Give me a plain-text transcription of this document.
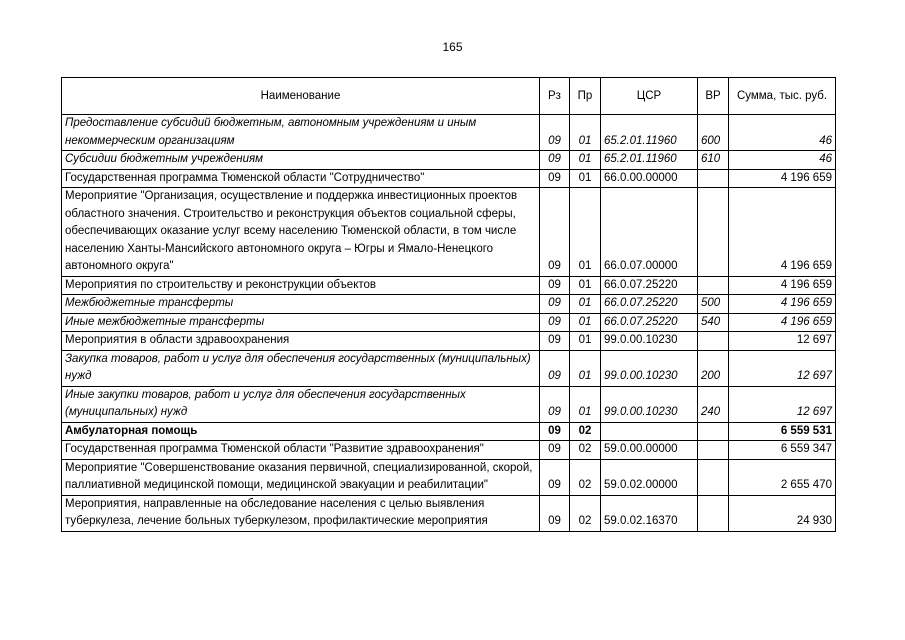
165
Наименование	Рз	Пр	ЦСР	ВР	Сумма, тыс. руб.
Предоставление субсидий бюджетным, автономным учреждениям и иным некоммерческим организациям	09	01	65.2.01.11960	600	46
Субсидии бюджетным учреждениям	09	01	65.2.01.11960	610	46
Государственная программа Тюменской области "Сотрудничество"	09	01	66.0.00.00000		4 196 659
Мероприятие "Организация, осуществление и поддержка инвестиционных проектов областного значения. Строительство и реконструкция объектов социальной сферы, обеспечивающих оказание услуг всему населению Тюменской области, в том числе населению Ханты-Мансийского автономного округа – Югры и Ямало-Ненецкого автономного округа"	09	01	66.0.07.00000		4 196 659
Мероприятия по строительству и реконструкции объектов	09	01	66.0.07.25220		4 196 659
Межбюджетные трансферты	09	01	66.0.07.25220	500	4 196 659
Иные межбюджетные трансферты	09	01	66.0.07.25220	540	4 196 659
Мероприятия в области здравоохранения	09	01	99.0.00.10230		12 697
Закупка товаров, работ и услуг для обеспечения государственных (муниципальных) нужд	09	01	99.0.00.10230	200	12 697
Иные закупки товаров, работ и услуг для обеспечения государственных (муниципальных) нужд	09	01	99.0.00.10230	240	12 697
Амбулаторная помощь	09	02			6 559 531
Государственная программа Тюменской области "Развитие здравоохранения"	09	02	59.0.00.00000		6 559 347
Мероприятие "Совершенствование оказания первичной, специализированной, скорой, паллиативной медицинской помощи, медицинской эвакуации и реабилитации"	09	02	59.0.02.00000		2 655 470
Мероприятия, направленные на обследование населения с целью выявления туберкулеза, лечение больных туберкулезом, профилактические мероприятия	09	02	59.0.02.16370		24 930
